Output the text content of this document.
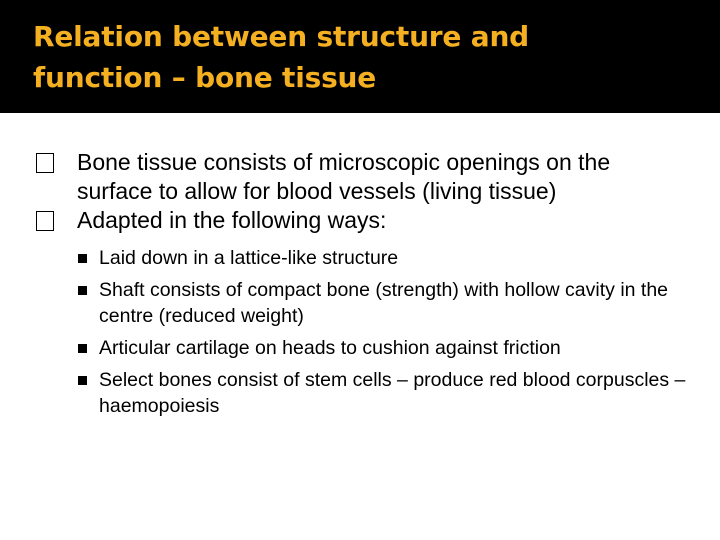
Relation between structure and
function – bone tissue

Bone tissue consists of microscopic openings on the surface to allow for blood vessels (living tissue)

Adapted in the following ways:

Laid down in a lattice-like structure
Shaft consists of compact bone (strength) with hollow cavity in the centre (reduced weight)
Articular cartilage on heads to cushion against friction
Select bones consist of stem cells – produce red blood corpuscles – haemopoiesis
